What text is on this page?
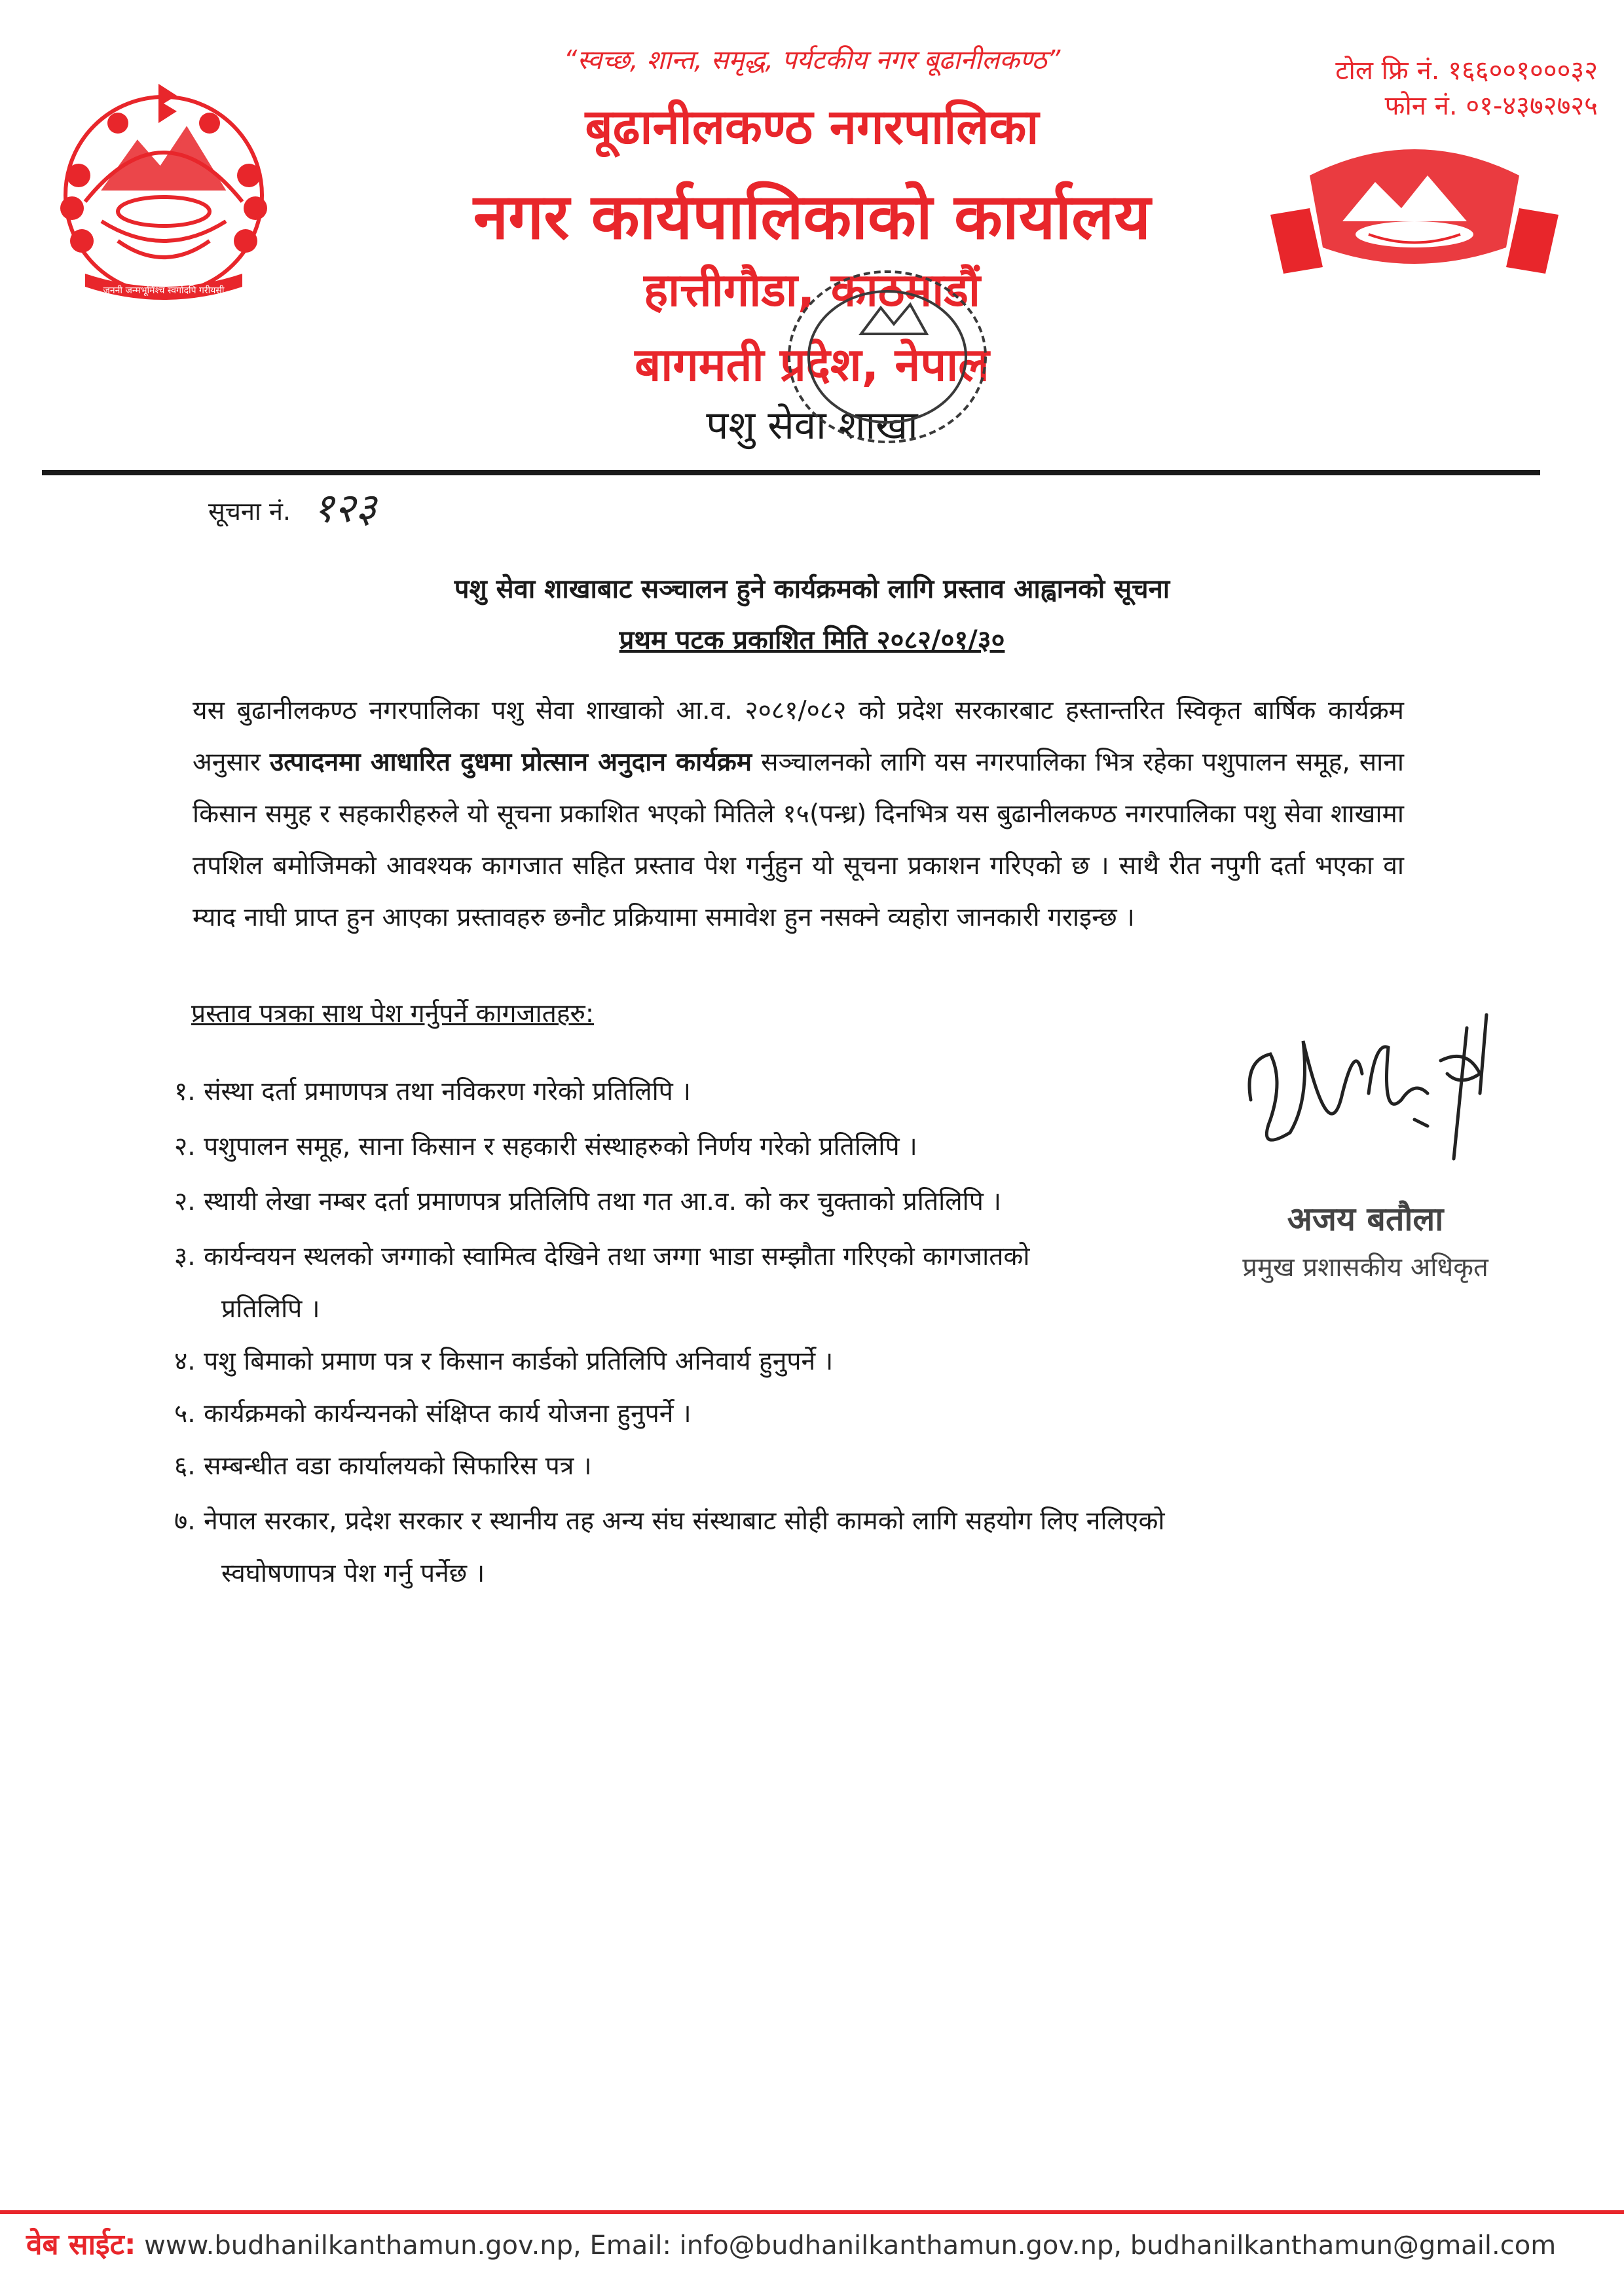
जननी जन्मभूमिश्च स्वर्गादपि गरीयसी
“स्वच्छ, शान्त, समृद्ध, पर्यटकीय नगर बूढानीलकण्ठ”
बूढानीलकण्ठ नगरपालिका
नगर कार्यपालिकाको कार्यालय
हात्तीगौडा, काठमाडौं
बागमती प्रदेश, नेपाल
पशु सेवा शाखा
टोल फ्रि नं. १६६००१०००३२
फोन नं. ०१-४३७२७२५
सूचना नं. १२३
पशु सेवा शाखाबाट सञ्चालन हुने कार्यक्रमको लागि प्रस्ताव आह्वानको सूचना
प्रथम पटक प्रकाशित मिति २०८२/०१/३०
यस बुढानीलकण्ठ नगरपालिका पशु सेवा शाखाको आ.व. २०८१/०८२ को प्रदेश सरकारबाट हस्तान्तरित स्विकृत बार्षिक कार्यक्रम अनुसार उत्पादनमा आधारित दुधमा प्रोत्सान अनुदान कार्यक्रम सञ्चालनको लागि यस नगरपालिका भित्र रहेका पशुपालन समूह, साना किसान समुह र सहकारीहरुले यो सूचना प्रकाशित भएको मितिले १५(पन्ध्र) दिनभित्र यस बुढानीलकण्ठ नगरपालिका पशु सेवा शाखामा तपशिल बमोजिमको आवश्यक कागजात सहित प्रस्ताव पेश गर्नुहुन यो सूचना प्रकाशन गरिएको छ । साथै रीत नपुगी दर्ता भएका वा म्याद नाघी प्राप्त हुन आएका प्रस्तावहरु छनौट प्रक्रियामा समावेश हुन नसक्ने व्यहोरा जानकारी गराइन्छ ।
प्रस्ताव पत्रका साथ पेश गर्नुपर्ने कागजातहरु:
१. संस्था दर्ता प्रमाणपत्र तथा नविकरण गरेको प्रतिलिपि ।
२. पशुपालन समूह, साना किसान र सहकारी संस्थाहरुको निर्णय गरेको प्रतिलिपि ।
२. स्थायी लेखा नम्बर दर्ता प्रमाणपत्र प्रतिलिपि तथा गत आ.व. को कर चुक्ताको प्रतिलिपि ।
३. कार्यन्वयन स्थलको जग्गाको स्वामित्व देखिने तथा जग्गा भाडा सम्झौता गरिएको कागजातको
प्रतिलिपि ।
४. पशु बिमाको प्रमाण पत्र र किसान कार्डको प्रतिलिपि अनिवार्य हुनुपर्ने ।
५. कार्यक्रमको कार्यन्यनको संक्षिप्त कार्य योजना हुनुपर्ने ।
६. सम्बन्धीत वडा कार्यालयको सिफारिस पत्र ।
७. नेपाल सरकार, प्रदेश सरकार र स्थानीय तह अन्य संघ संस्थाबाट सोही कामको लागि सहयोग लिए नलिएको
स्वघोषणापत्र पेश गर्नु पर्नेछ ।
अजय बतौला
प्रमुख प्रशासकीय अधिकृत
वेब साईट: www.budhanilkanthamun.gov.np, Email: info@budhanilkanthamun.gov.np, budhanilkanthamun@gmail.com
